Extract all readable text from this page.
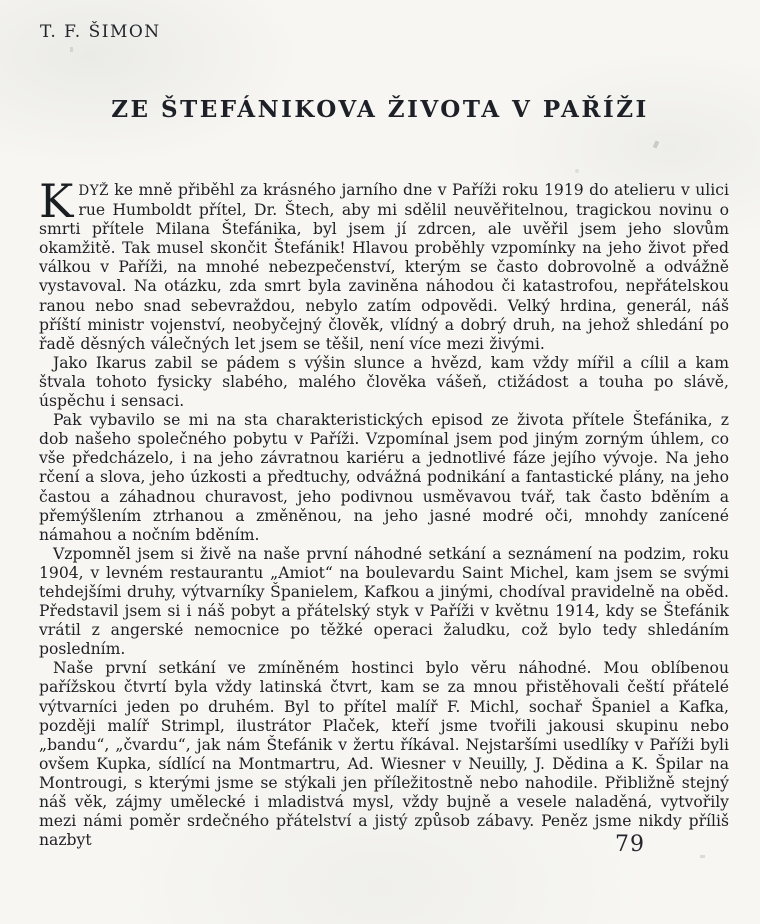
T. F. ŠIMON
ZE ŠTEFÁNIKOVA ŽIVOTA V PAŘÍŽI

KDYŽ ke mně přiběhl za krásného jarního dne v Paříži roku 1919 do atelieru v ulici rue Humboldt přítel, Dr. Štech, aby mi sdělil neuvěřitelnou, tragickou novinu o smrti přítele Milana Štefánika, byl jsem jí zdrcen, ale uvěřil jsem jeho slovům okamžitě. Tak musel skončit Štefánik! Hlavou proběhly vzpomínky na jeho život před válkou v Paříži, na mnohé nebezpečenství, kterým se často dobrovolně a odvážně vystavoval. Na otázku, zda smrt byla zaviněna náhodou či katastrofou, nepřátelskou ranou nebo snad sebevraždou, nebylo zatím odpovědi. Velký hrdina, generál, náš příští ministr vojenství, neobyčejný člověk, vlídný a dobrý druh, na jehož shledání po řadě děsných válečných let jsem se těšil, není více mezi živými.

Jako Ikarus zabil se pádem s výšin slunce a hvězd, kam vždy mířil a cílil a kam štvala tohoto fysicky slabého, malého člověka vášeň, ctižádost a touha po slávě, úspěchu i sensaci.

Pak vybavilo se mi na sta charakteristických episod ze života přítele Štefánika, z dob našeho společného pobytu v Paříži. Vzpomínal jsem pod jiným zorným úhlem, co vše předcházelo, i na jeho závratnou kariéru a jednotlivé fáze jejího vývoje. Na jeho rčení a slova, jeho úzkosti a předtuchy, odvážná podnikání a fantastické plány, na jeho častou a záhadnou churavost, jeho podivnou usměvavou tvář, tak často bděním a přemýšlením ztrhanou a změněnou, na jeho jasné modré oči, mnohdy zanícené námahou a nočním bděním.

Vzpomněl jsem si živě na naše první náhodné setkání a seznámení na podzim, roku 1904, v levném restaurantu „Amiot“ na boulevardu Saint Michel, kam jsem se svými tehdejšími druhy, výtvarníky Španielem, Kafkou a jinými, chodíval pravidelně na oběd. Představil jsem si i náš pobyt a přátelský styk v Paříži v květnu 1914, kdy se Štefánik vrátil z angerské nemocnice po těžké operaci žaludku, což bylo tedy shledáním posledním.

Naše první setkání ve zmíněném hostinci bylo věru náhodné. Mou oblíbenou pařížskou čtvrtí byla vždy latinská čtvrt, kam se za mnou přistěhovali čeští přátelé výtvarníci jeden po druhém. Byl to přítel malíř F. Michl, sochař Španiel a Kafka, později malíř Strimpl, ilustrátor Plaček, kteří jsme tvořili jakousi skupinu nebo „bandu“, „čvardu“, jak nám Štefánik v žertu říkával. Nejstaršími usedlíky v Paříži byli ovšem Kupka, sídlící na Montmartru, Ad. Wiesner v Neuilly, J. Dědina a K. Špilar na Montrougi, s kterými jsme se stýkali jen příležitostně nebo nahodile. Přibližně stejný náš věk, zájmy umělecké i mladistvá mysl, vždy bujně a vesele naladěná, vytvořily mezi námi poměr srdečného přátelství a jistý způsob zábavy. Peněz jsme nikdy příliš nazbyt	79
